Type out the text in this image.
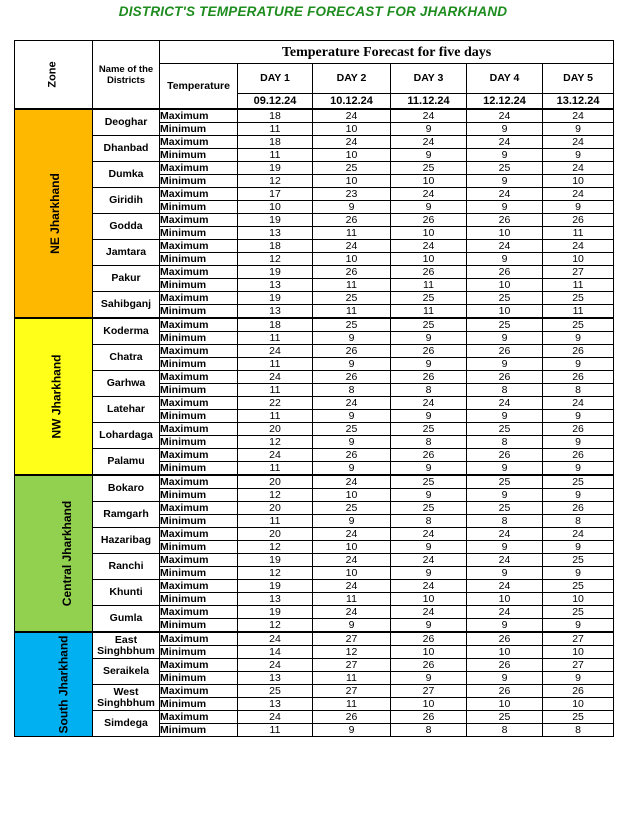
DISTRICT'S TEMPERATURE FORECAST FOR JHARKHAND
Zone	Name of the Districts	Temperature Forecast for five days					
		Temperature	DAY 1	DAY 2	DAY 3	DAY 4	DAY 5
			09.12.24	10.12.24	11.12.24	12.12.24	13.12.24
NE Jharkhand	Deoghar	Maximum	18	24	24	24	24
		Minimum	11	10	9	9	9
	Dhanbad	Maximum	18	24	24	24	24
		Minimum	11	10	9	9	9
	Dumka	Maximum	19	25	25	25	24
		Minimum	12	10	10	9	10
	Giridih	Maximum	17	23	24	24	24
		Minimum	10	9	9	9	9
	Godda	Maximum	19	26	26	26	26
		Minimum	13	11	10	10	11
	Jamtara	Maximum	18	24	24	24	24
		Minimum	12	10	10	9	10
	Pakur	Maximum	19	26	26	26	27
		Minimum	13	11	11	10	11
	Sahibganj	Maximum	19	25	25	25	25
		Minimum	13	11	11	10	11
NW Jharkhand	Koderma	Maximum	18	25	25	25	25
		Minimum	11	9	9	9	9
	Chatra	Maximum	24	26	26	26	26
		Minimum	11	9	9	9	9
	Garhwa	Maximum	24	26	26	26	26
		Minimum	11	8	8	8	8
	Latehar	Maximum	22	24	24	24	24
		Minimum	11	9	9	9	9
	Lohardaga	Maximum	20	25	25	25	26
		Minimum	12	9	8	8	9
	Palamu	Maximum	24	26	26	26	26
		Minimum	11	9	9	9	9
Central Jharkhand	Bokaro	Maximum	20	24	25	25	25
		Minimum	12	10	9	9	9
	Ramgarh	Maximum	20	25	25	25	26
		Minimum	11	9	8	8	8
	Hazaribag	Maximum	20	24	24	24	24
		Minimum	12	10	9	9	9
	Ranchi	Maximum	19	24	24	24	25
		Minimum	12	10	9	9	9
	Khunti	Maximum	19	24	24	24	25
		Minimum	13	11	10	10	10
	Gumla	Maximum	19	24	24	24	25
		Minimum	12	9	9	9	9
South Jharkhand	East Singhbhum	Maximum	24	27	26	26	27
		Minimum	14	12	10	10	10
	Seraikela	Maximum	24	27	26	26	27
		Minimum	13	11	9	9	9
	West Singhbhum	Maximum	25	27	27	26	26
		Minimum	13	11	10	10	10
	Simdega	Maximum	24	26	26	25	25
		Minimum	11	9	8	8	8
